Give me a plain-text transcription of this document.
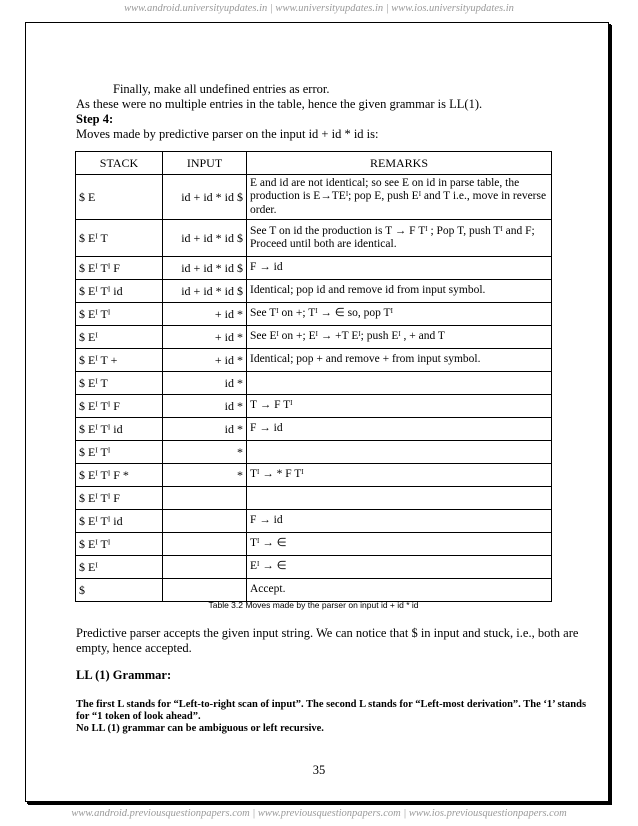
www.android.universityupdates.in | www.universityupdates.in | www.ios.universityupdates.in
Finally, make all undefined entries as error.
As these were no multiple entries in the table, hence the given grammar is LL(1).
Step 4:
Moves made by predictive parser on the input id + id * id is:
STACK	INPUT	REMARKS
$ E	id + id * id $	E and id are not identical; so see E on id in parse table, the production is E→TEᴵ; pop E, push Eᴵ and T i.e., move in reverse order.
$ Eᴵ T	id + id * id $	See T on id the production is T → F Tᴵ ; Pop T, push Tᴵ and F; Proceed until both are identical.
$ Eᴵ Tᴵ F	id + id * id $	F → id
$ Eᴵ Tᴵ id	id + id * id $	Identical; pop id and remove id from input symbol.
$ Eᴵ Tᴵ	+ id *	See Tᴵ on +; Tᴵ → ∈ so, pop Tᴵ
$ Eᴵ	+ id *	See Eᴵ on +; Eᴵ → +T Eᴵ; push Eᴵ , + and T
$ Eᴵ T +	+ id *	Identical; pop + and remove + from input symbol.
$ Eᴵ T	id *	
$ Eᴵ Tᴵ F	id *	T → F Tᴵ
$ Eᴵ Tᴵ id	id *	F → id
$ Eᴵ Tᴵ	*	
$ Eᴵ Tᴵ F *	*	Tᴵ → * F Tᴵ
$ Eᴵ Tᴵ F		
$ Eᴵ Tᴵ id		F → id
$ Eᴵ Tᴵ		Tᴵ → ∈
$ Eᴵ		Eᴵ → ∈
$		Accept.
Table 3.2 Moves made by the parser on input id + id * id
Predictive parser accepts the given input string. We can notice that $ in input and stuck, i.e., both are empty, hence accepted.
LL (1) Grammar:
The first L stands for “Left-to-right scan of input”. The second L stands for “Left-most derivation”. The ‘1’ stands for “1 token of look ahead”.
No LL (1) grammar can be ambiguous or left recursive.
35
www.android.previousquestionpapers.com | www.previousquestionpapers.com | www.ios.previousquestionpapers.com
